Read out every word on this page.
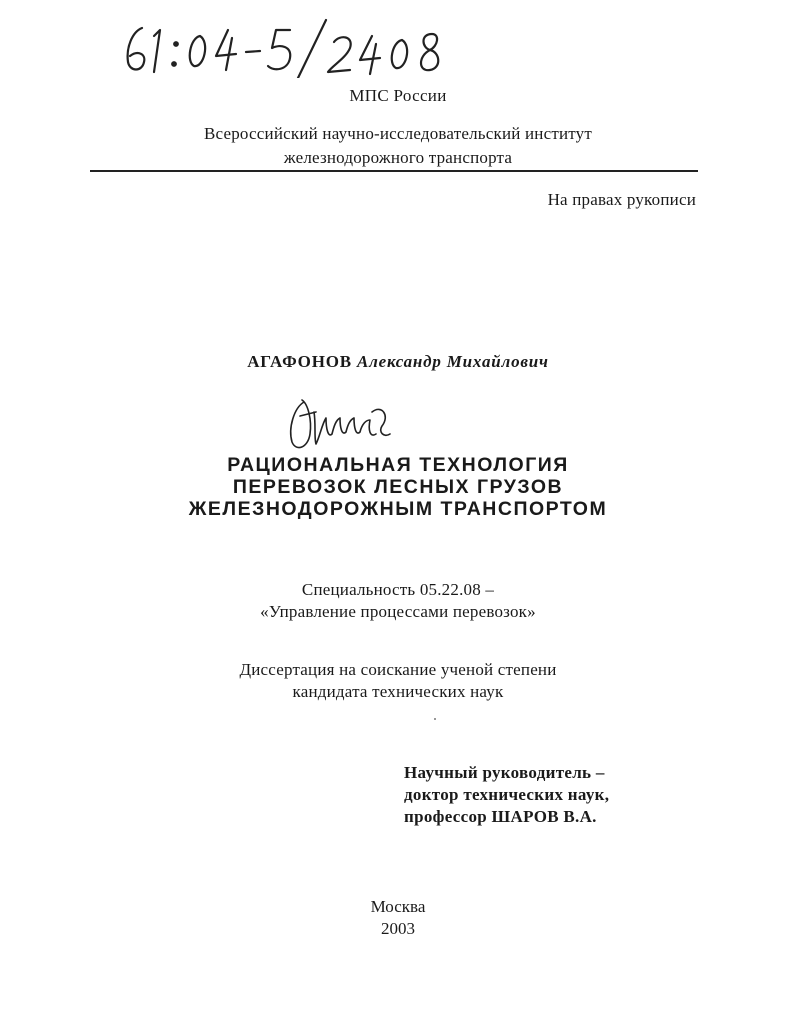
МПС России
Всероссийский научно-исследовательский институт
железнодорожного транспорта
На правах рукописи
АГАФОНОВ Александр Михайлович
РАЦИОНАЛЬНАЯ ТЕХНОЛОГИЯ
ПЕРЕВОЗОК ЛЕСНЫХ ГРУЗОВ
ЖЕЛЕЗНОДОРОЖНЫМ ТРАНСПОРТОМ
Специальность 05.22.08 –
«Управление процессами перевозок»
Диссертация на соискание ученой степени
кандидата технических наук
Научный руководитель –
доктор технических наук,
профессор ШАРОВ В.А.
Москва
2003
